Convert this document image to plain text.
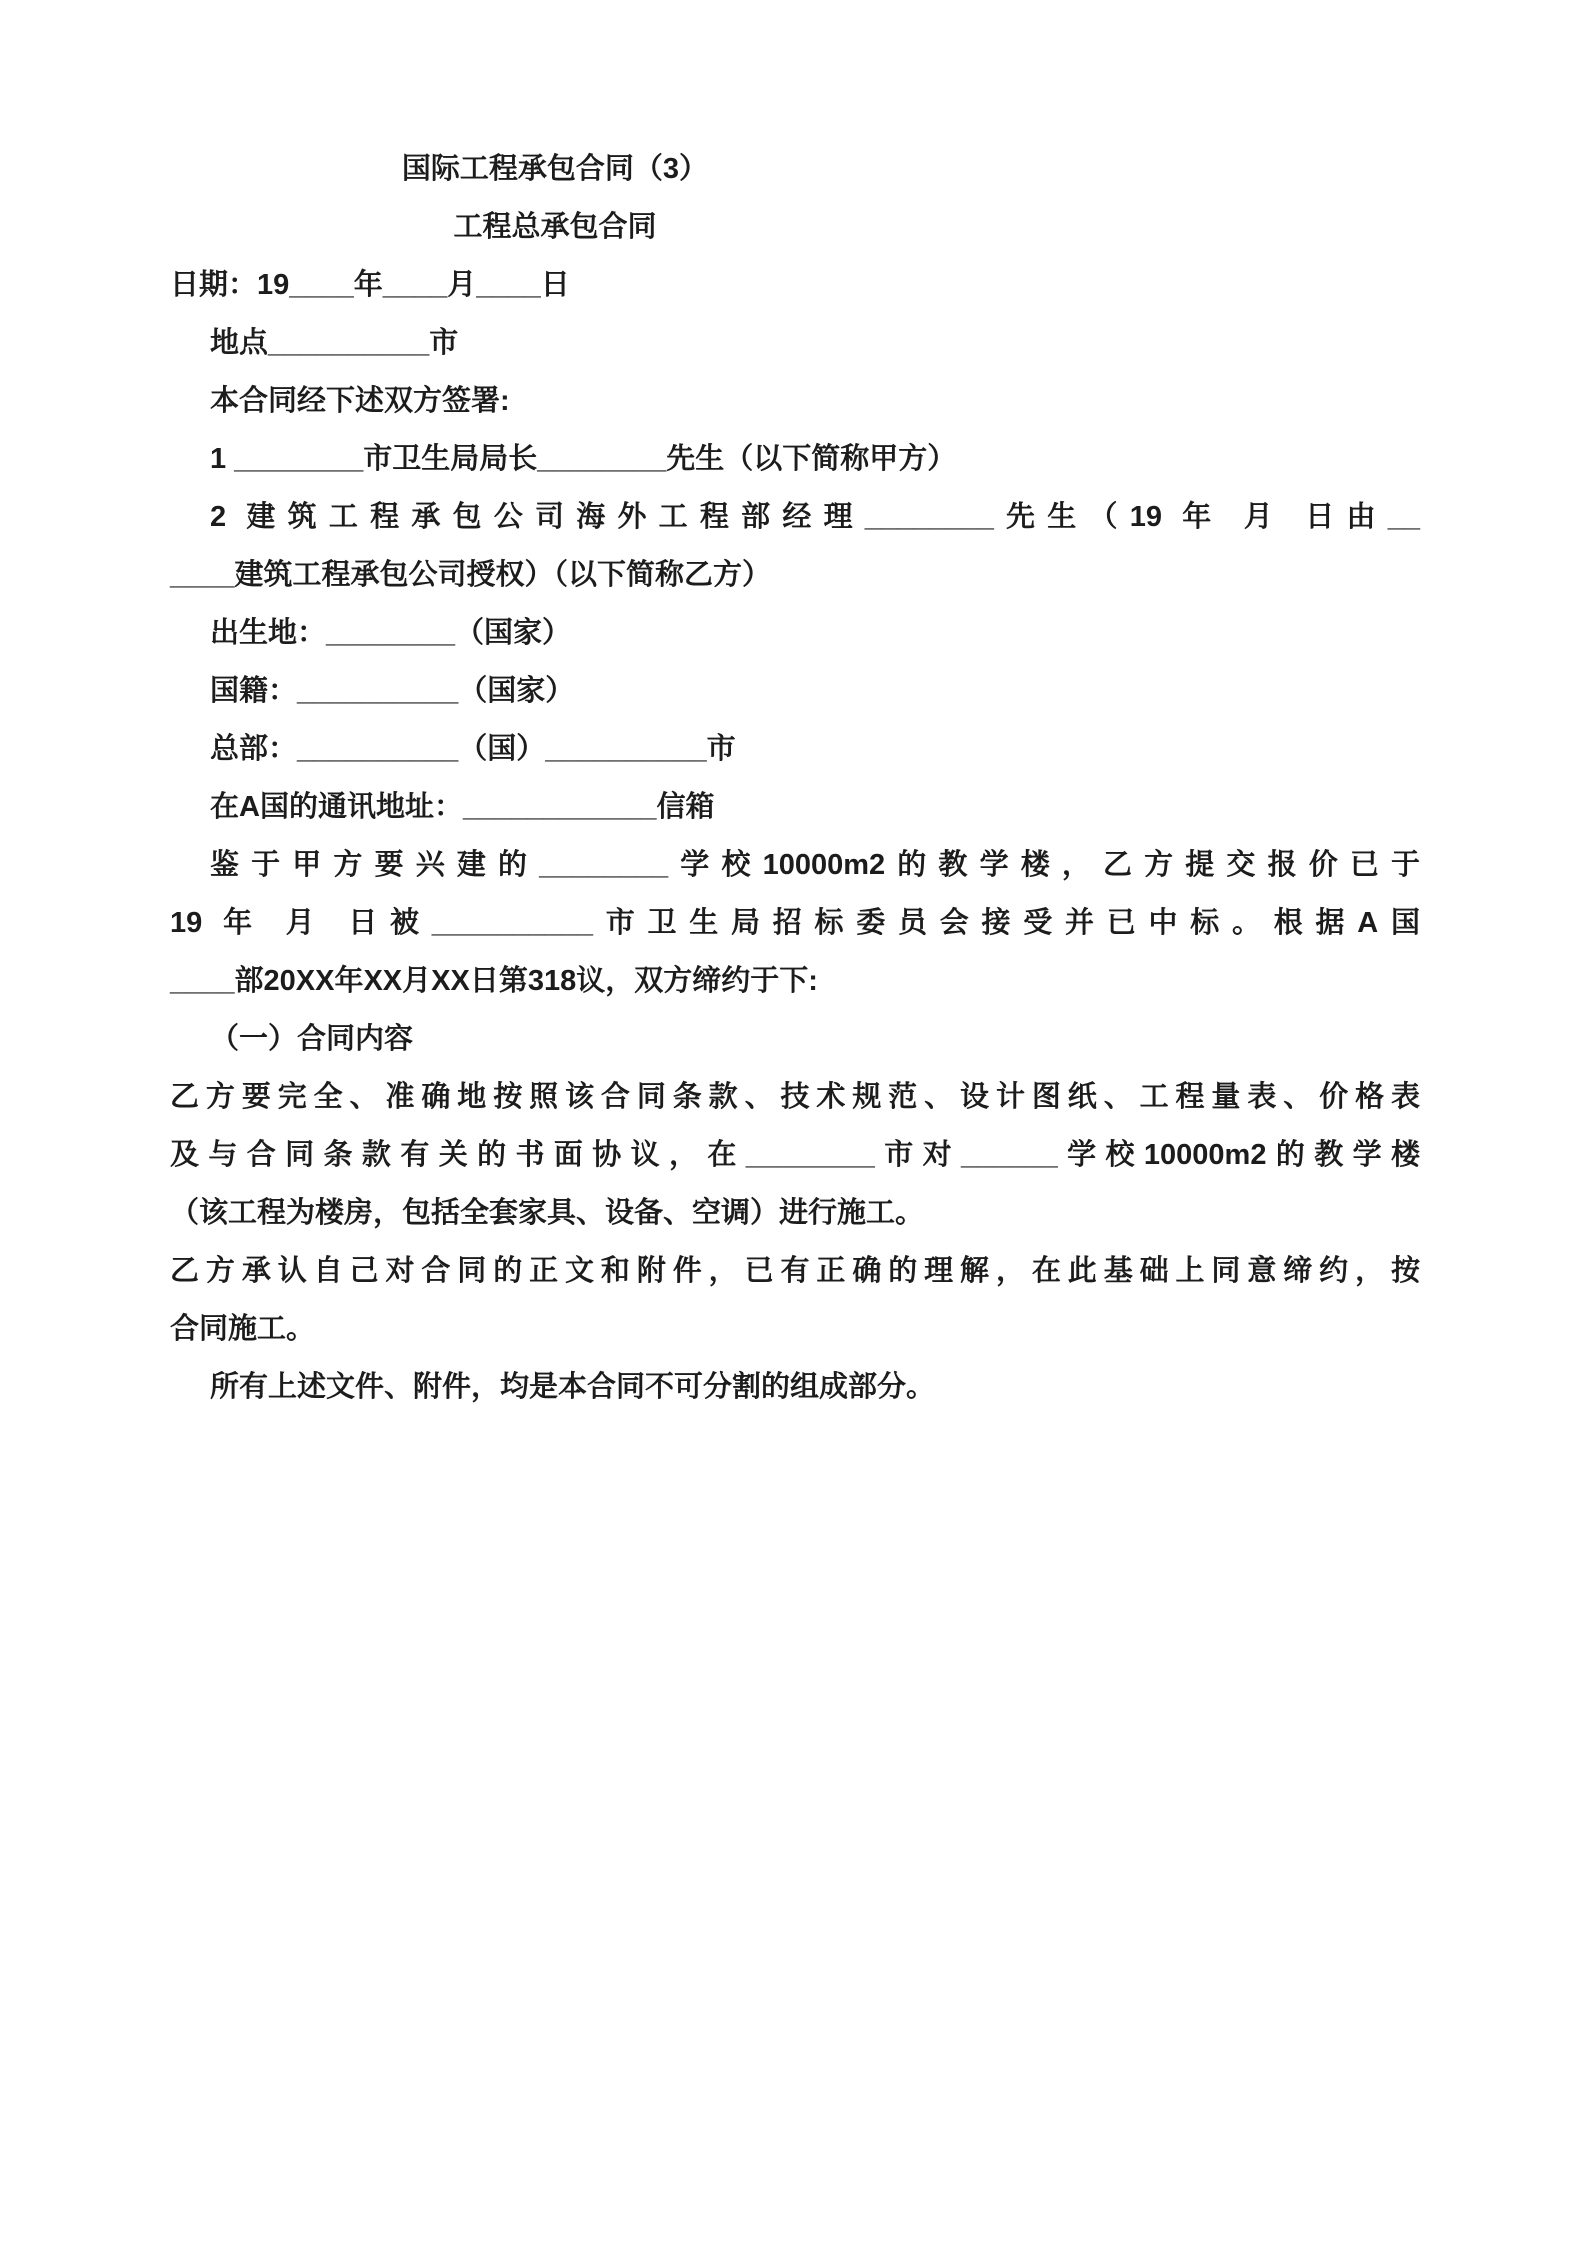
国际工程承包合同（3）
工程总承包合同
日期：19____年____月____日
地点__________市
本合同经下述双方签署:
1 ________市卫生局局长________先生（以下简称甲方）
2 建筑工程承包公司海外工程部经理________先生（19 年 月 日由__
____建筑工程承包公司授权）（以下简称乙方）
出生地：________（国家）
国籍：__________（国家）
总部：__________（国）__________市
在A国的通讯地址：____________信箱
鉴于甲方要兴建的________学校10000m2的教学楼，乙方提交报价已于
19 年 月 日被__________市卫生局招标委员会接受并已中标。根据A国
____部20XX年XX月XX日第318议，双方缔约于下:
（一）合同内容
乙方要完全、准确地按照该合同条款、技术规范、设计图纸、工程量表、价格表
及与合同条款有关的书面协议，在________市对______学校10000m2的教学楼
（该工程为楼房，包括全套家具、设备、空调）进行施工。
乙方承认自己对合同的正文和附件，已有正确的理解，在此基础上同意缔约，按
合同施工。
所有上述文件、附件，均是本合同不可分割的组成部分。
